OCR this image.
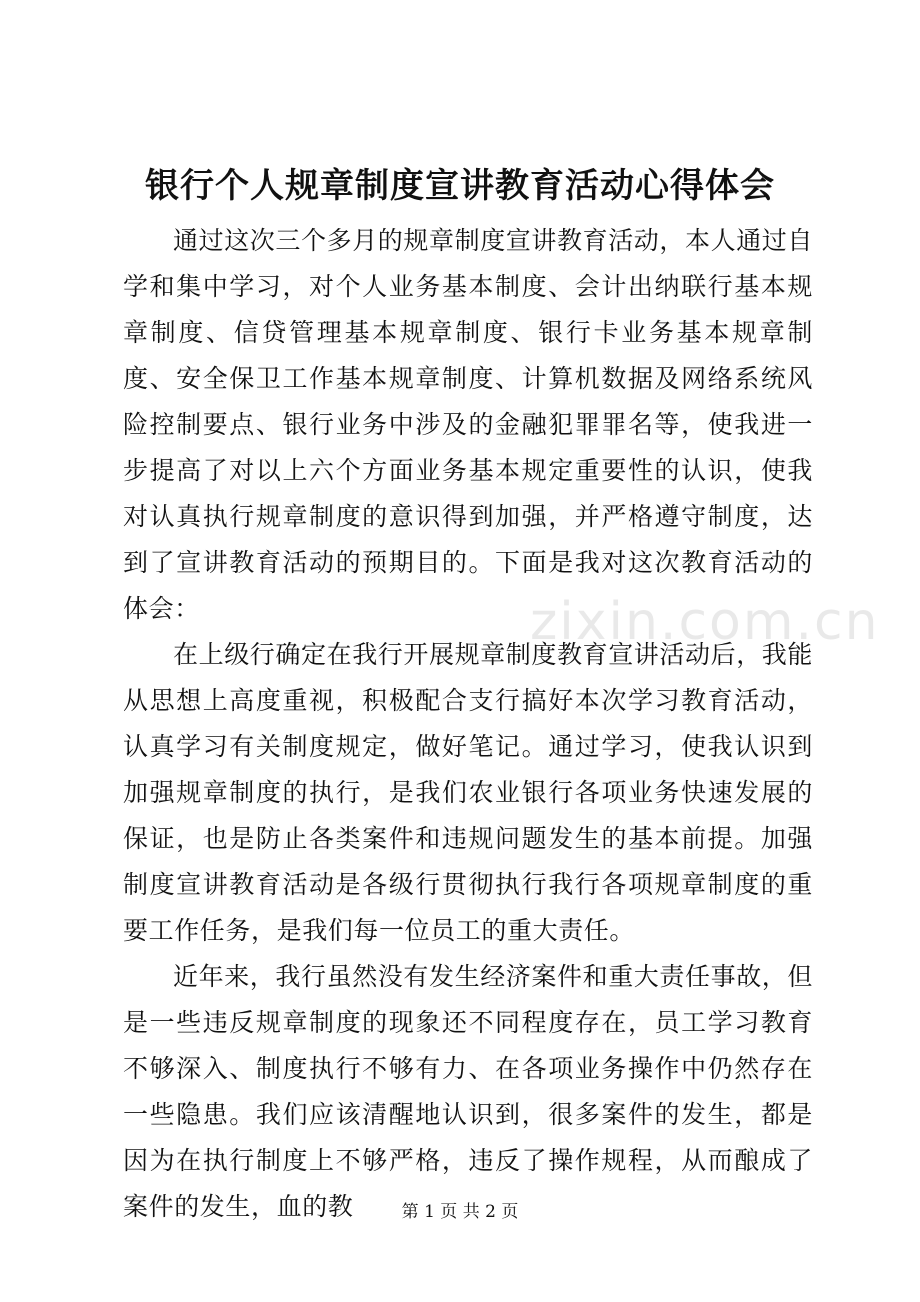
银行个人规章制度宣讲教育活动心得体会

通过这次三个多月的规章制度宣讲教育活动，本人通过自学和集中学习，对个人业务基本制度、会计出纳联行基本规章制度、信贷管理基本规章制度、银行卡业务基本规章制度、安全保卫工作基本规章制度、计算机数据及网络系统风险控制要点、银行业务中涉及的金融犯罪罪名等，使我进一步提高了对以上六个方面业务基本规定重要性的认识，使我对认真执行规章制度的意识得到加强，并严格遵守制度，达到了宣讲教育活动的预期目的。下面是我对这次教育活动的体会：

在上级行确定在我行开展规章制度教育宣讲活动后，我能从思想上高度重视，积极配合支行搞好本次学习教育活动，认真学习有关制度规定，做好笔记。通过学习，使我认识到加强规章制度的执行，是我们农业银行各项业务快速发展的保证，也是防止各类案件和违规问题发生的基本前提。加强制度宣讲教育活动是各级行贯彻执行我行各项规章制度的重要工作任务，是我们每一位员工的重大责任。

近年来，我行虽然没有发生经济案件和重大责任事故，但是一些违反规章制度的现象还不同程度存在，员工学习教育不够深入、制度执行不够有力、在各项业务操作中仍然存在一些隐患。我们应该清醒地认识到，很多案件的发生，都是因为在执行制度上不够严格，违反了操作规程，从而酿成了案件的发生，血的教

zixin.com.cn
第 1 页 共 2 页
